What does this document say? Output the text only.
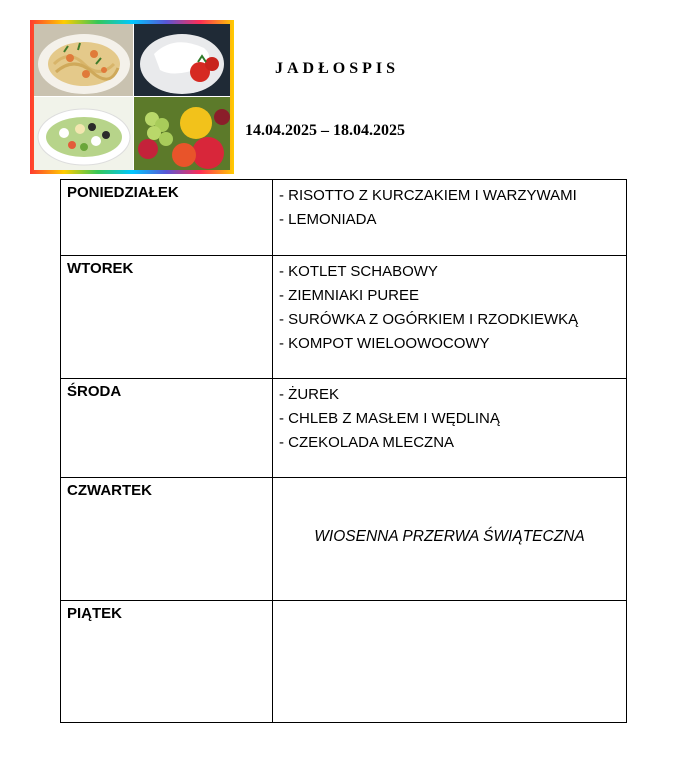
JADŁOSPIS
14.04.2025 – 18.04.2025
PONIEDZIAŁEK	- RISOTTO Z KURCZAKIEM I WARZYWAMI
- LEMONIADA

WTOREK	- KOTLET SCHABOWY
- ZIEMNIAKI PUREE
- SURÓWKA Z OGÓRKIEM I RZODKIEWKĄ
- KOMPOT WIELOOWOCOWY

ŚRODA	- ŻUREK
- CHLEB Z MASŁEM I WĘDLINĄ
- CZEKOLADA MLECZNA

CZWARTEK	WIOSENNA PRZERWA ŚWIĄTECZNA

PIĄTEK	
